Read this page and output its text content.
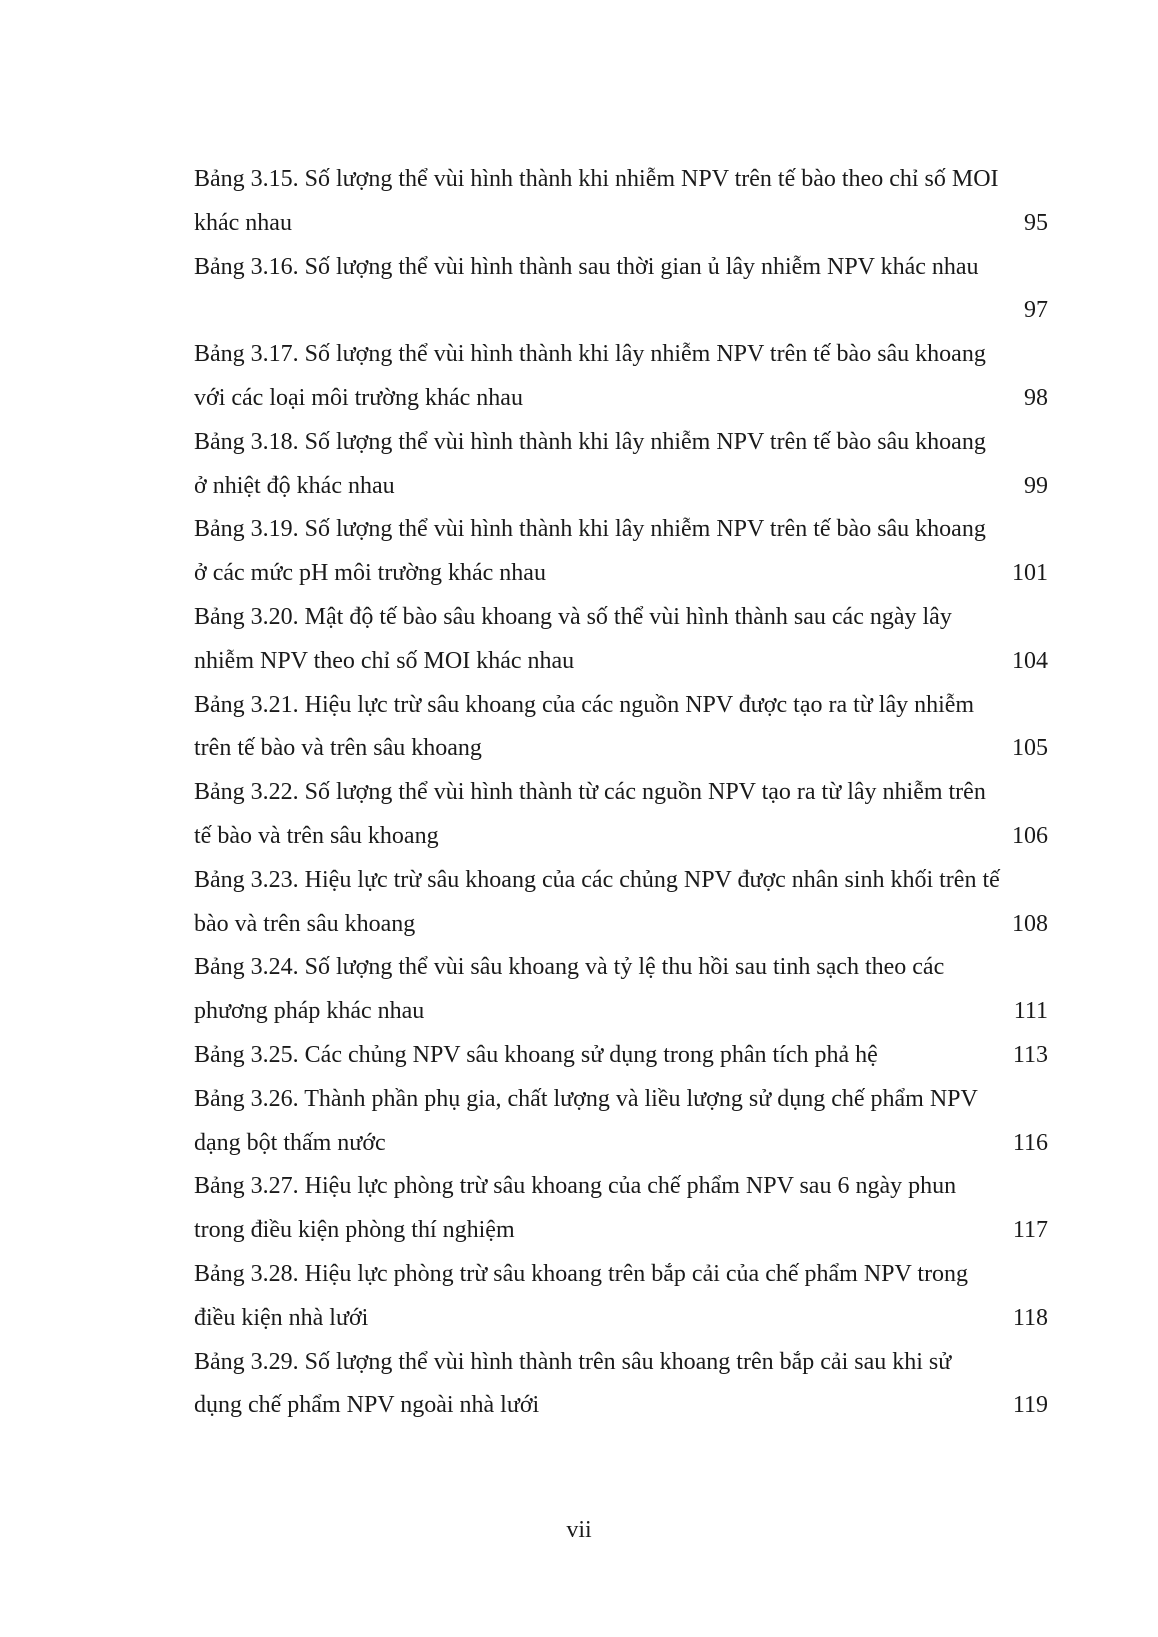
Bảng 3.15. Số lượng thể vùi hình thành khi nhiễm NPV trên tế bào theo chỉ số MOI
khác nhau	95
Bảng 3.16. Số lượng thể vùi hình thành sau thời gian ủ lây nhiễm NPV khác nhau
97
Bảng 3.17. Số lượng thể vùi hình thành khi lây nhiễm NPV trên tế bào sâu khoang
với các loại môi trường khác nhau	98
Bảng 3.18. Số lượng thể vùi hình thành khi lây nhiễm NPV trên tế bào sâu khoang
ở nhiệt độ khác nhau	99
Bảng 3.19. Số lượng thể vùi hình thành khi lây nhiễm NPV trên tế bào sâu khoang
ở các mức pH môi trường khác nhau	101
Bảng 3.20. Mật độ tế bào sâu khoang và số thể vùi hình thành sau các ngày lây
nhiễm NPV theo chỉ số MOI khác nhau	104
Bảng 3.21. Hiệu lực trừ sâu khoang của các nguồn NPV được tạo ra từ lây nhiễm
trên tế bào và trên sâu khoang	105
Bảng 3.22. Số lượng thể vùi hình thành từ các nguồn NPV tạo ra từ lây nhiễm trên
tế bào và trên sâu khoang	106
Bảng 3.23. Hiệu lực trừ sâu khoang của các chủng NPV được nhân sinh khối trên tế
bào và trên sâu khoang	108
Bảng 3.24. Số lượng thể vùi sâu khoang và tỷ lệ thu hồi sau tinh sạch theo các
phương pháp khác nhau	111
Bảng 3.25. Các chủng NPV sâu khoang sử dụng trong phân tích phả hệ	113
Bảng 3.26. Thành phần phụ gia, chất lượng và liều lượng sử dụng chế phẩm NPV
dạng bột thấm nước	116
Bảng 3.27. Hiệu lực phòng trừ sâu khoang của chế phẩm NPV sau 6 ngày phun
trong điều kiện phòng thí nghiệm	117
Bảng 3.28. Hiệu lực phòng trừ sâu khoang trên bắp cải của chế phẩm NPV trong
điều kiện nhà lưới	118
Bảng 3.29. Số lượng thể vùi hình thành trên sâu khoang trên bắp cải sau khi sử
dụng chế phẩm NPV ngoài nhà lưới	119
vii
